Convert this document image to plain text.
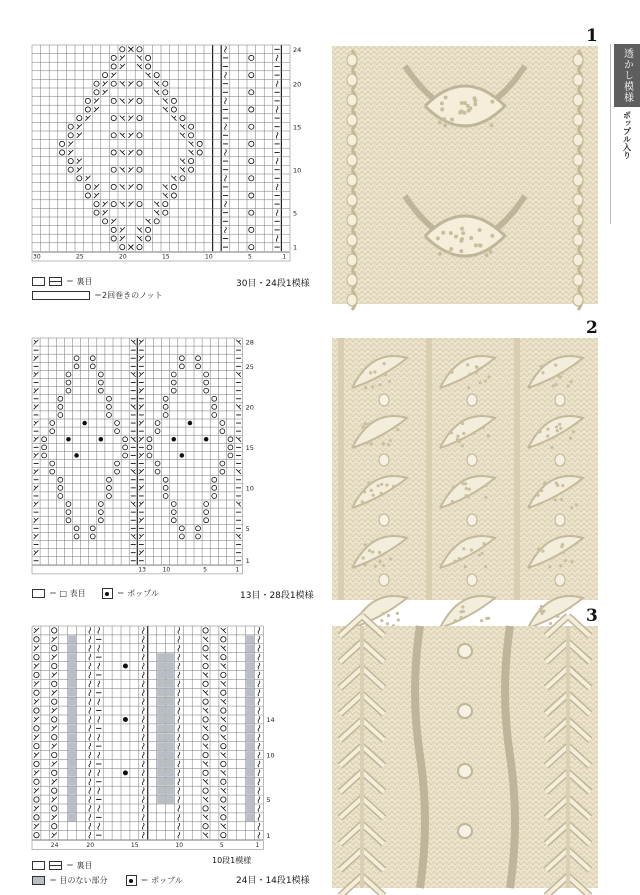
透かし模様
ポップル入り
1
2
3
1
5
10
15
20
24
1
5
10
15
20
25
30
＝ 裏目
＝2回巻きのノット
30目・24段1模様
1
5
10
15
20
25
28
1
5
10
13
＝ □ 表目	＝ ポップル	13目・28段1模様
1
5
10
14
1
5
10
15
20
24
10段1模様
＝ 裏目
＝ 目のない部分	＝ ポップル	24目・14段1模様
